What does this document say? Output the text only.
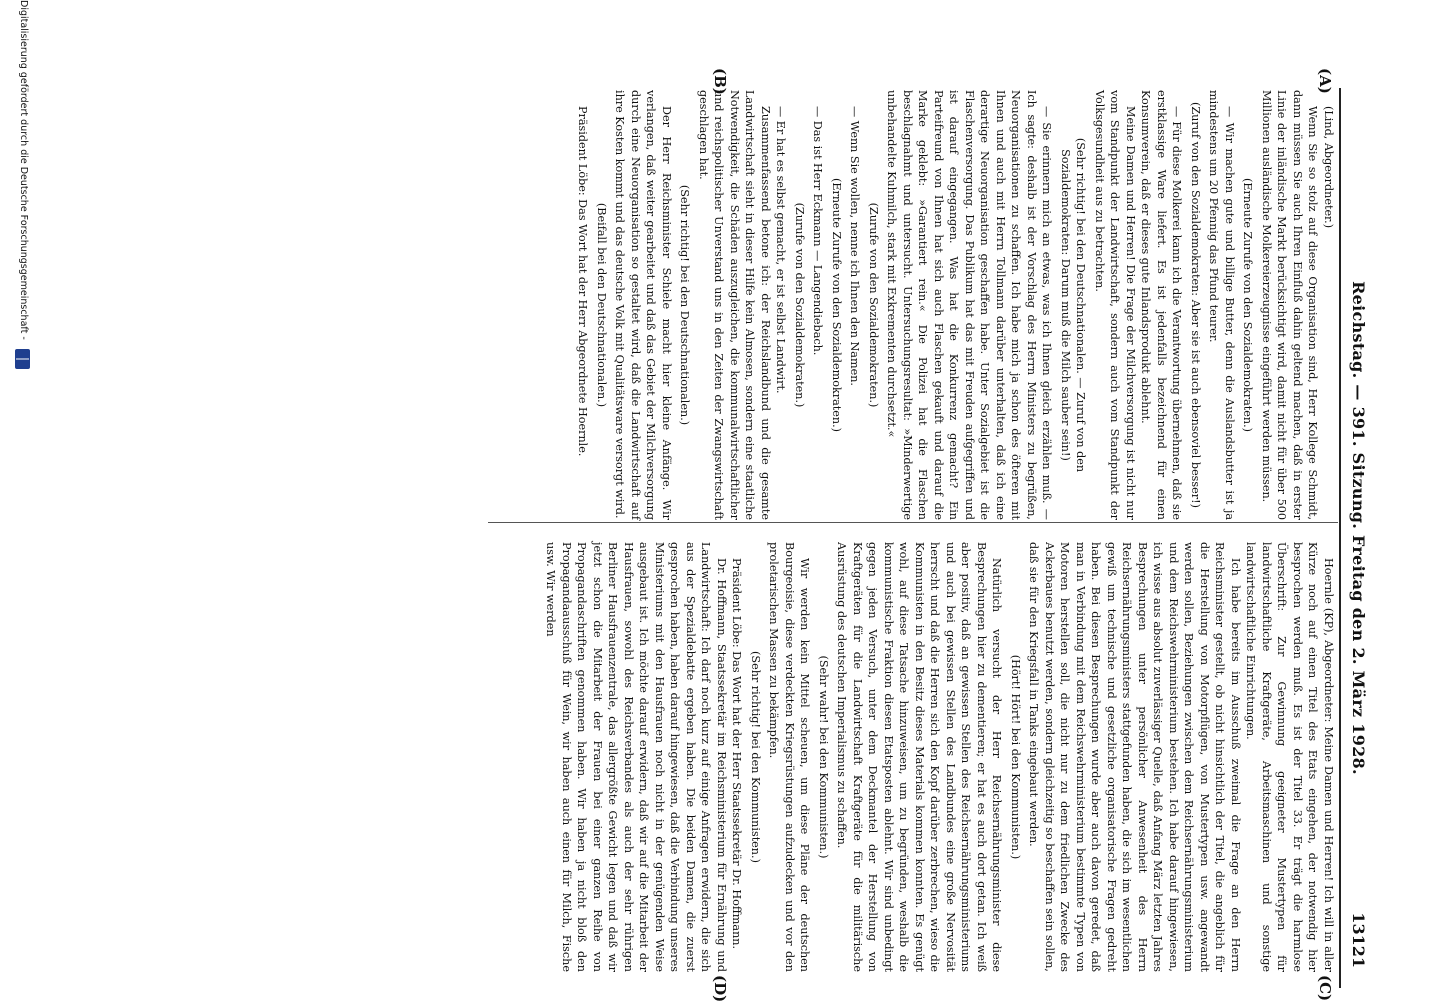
Reichstag. — 391. Sitzung. Freitag den 2. März 1928.
13121
(A)
(B)
(C)
(D)

(Lind, Abgeordneter.)

Wenn Sie so stolz auf diese Organisation sind, Herr Kollege Schmidt, dann müssen Sie auch Ihren Einfluß dahin geltend machen, daß in erster Linie der inländische Markt berücksichtigt wird, damit nicht für über 500 Millionen ausländische Molkereierzeugnisse eingeführt werden müssen.

(Erneute Zurufe von den Sozialdemokraten.)

— Wir machen gute und billige Butter, denn die Auslandsbutter ist ja mindestens um 20 Pfennig das Pfund teurer.

(Zuruf von den Sozialdemokraten: Aber sie ist auch ebensoviel besser!)

— Für diese Molkerei kann ich die Verantwortung übernehmen, daß sie erstklassige Ware liefert. Es ist jedenfalls bezeichnend für einen Konsumverein, daß er dieses gute Inlandsprodukt ablehnt.

Meine Damen und Herren! Die Frage der Milchversorgung ist nicht nur vom Standpunkt der Landwirtschaft, sondern auch vom Standpunkt der Volksgesundheit aus zu betrachten.

(Sehr richtig! bei den Deutschnationalen. — Zuruf von den Sozialdemokraten: Darum muß die Milch sauber sein!)

— Sie erinnern mich an etwas, was ich Ihnen gleich erzählen muß. — Ich sagte: deshalb ist der Vorschlag des Herrn Ministers zu begrüßen, Neuorganisationen zu schaffen. Ich habe mich ja schon des öfteren mit Ihnen und auch mit Herrn Tollmann darüber unterhalten, daß ich eine derartige Neuorganisation geschaffen habe. Unter Sozialgebiet ist die Flaschenversorgung. Das Publikum hat das mit Freuden aufgegriffen und ist darauf eingegangen. Was hat die Konkurrenz gemacht? Ein Parteifreund von Ihnen hat sich auch Flaschen gekauft und darauf die Marke geklebt: »Garantiert rein.« Die Polizei hat die Flaschen beschlagnahmt und untersucht. Untersuchungsresultat: »Minderwertige unbehandelte Kuhmilch, stark mit Exkrementen durchsetzt.«

(Zurufe von den Sozialdemokraten.)

— Wenn Sie wollen, nenne ich Ihnen den Namen.

(Erneute Zurufe von den Sozialdemokraten.)

— Das ist Herr Eckmann — Langendiebach.

(Zurufe von den Sozialdemokraten.)

— Er hat es selbst gemacht, er ist selbst Landwirt.

Zusammenfassend betone ich: der Reichslandbund und die gesamte Landwirtschaft sieht in dieser Hilfe kein Almosen, sondern eine staatliche Notwendigkeit, die Schäden auszugleichen, die kommunalwirtschaftlicher und reichspolitischer Unverstand uns in den Zeiten der Zwangswirtschaft geschlagen hat.

(Sehr richtig! bei den Deutschnationalen.)

Der Herr Reichsminister Schiele macht hier kleine Anfänge. Wir verlangen, daß weiter gearbeitet und daß das Gebiet der Milchversorgung durch eine Neuorganisation so gestaltet wird, daß die Landwirtschaft auf ihre Kosten kommt und das deutsche Volk mit Qualitätsware versorgt wird.

(Beifall bei den Deutschnationalen.)

Präsident Löbe: Das Wort hat der Herr Abgeordnete Hoernle.

Hoernle (KP), Abgeordneter: Meine Damen und Herren! Ich will in aller Kürze noch auf einen Titel des Etats eingehen, der notwendig hier besprochen werden muß. Es ist der Titel 33. Er trägt die harmlose Überschrift: Zur Gewinnung geeigneter Mustertypen für landwirtschaftliche Kraftgeräte, Arbeitsmaschinen und sonstige landwirtschaftliche Einrichtungen.

Ich habe bereits im Ausschuß zweimal die Frage an den Herrn Reichsminister gestellt, ob nicht hinsichtlich der Titel, die angeblich für die Herstellung von Motorpflügen, von Mustertypen usw. angewandt werden sollen, Beziehungen zwischen dem Reichsernährungsministerium und dem Reichswehrministerium bestehen. Ich habe darauf hingewiesen, ich wisse aus absolut zuverlässiger Quelle, daß Anfang März letzten Jahres Besprechungen unter persönlicher Anwesenheit des Herrn Reichsernährungsministers stattgefunden haben, die sich im wesentlichen gewiß um technische und gesetzliche organisatorische Fragen gedreht haben. Bei diesen Besprechungen wurde aber auch davon geredet, daß man in Verbindung mit dem Reichswehrministerium bestimmte Typen von Motoren herstellen soll, die nicht nur zu dem friedlichen Zwecke des Ackerbaues benutzt werden, sondern gleichzeitig so beschaffen sein sollen, daß sie für den Kriegsfall in Tanks eingebaut werden.

(Hört! Hört! bei den Kommunisten.)

Natürlich versucht der Herr Reichsernährungsminister diese Besprechungen hier zu dementieren; er hat es auch dort getan. Ich weiß aber positiv, daß an gewissen Stellen des Reichsernährungsministeriums und auch bei gewissen Stellen des Landbundes eine große Nervosität herrscht und daß die Herren sich den Kopf darüber zerbrechen, wieso die Kommunisten in den Besitz dieses Materials kommen konnten. Es genügt wohl, auf diese Tatsache hinzuweisen, um zu begründen, weshalb die kommunistische Fraktion diesen Etatsposten ablehnt. Wir sind unbedingt gegen jeden Versuch, unter dem Deckmantel der Herstellung von Kraftgeräten für die Landwirtschaft Kraftgeräte für die militärische Ausrüstung des deutschen Imperialismus zu schaffen.

(Sehr wahr! bei den Kommunisten.)

Wir werden kein Mittel scheuen, um diese Pläne der deutschen Bourgeoisie, diese verdeckten Kriegsrüstungen aufzudecken und vor den proletarischen Massen zu bekämpfen.

(Sehr richtig! bei den Kommunisten.)

Präsident Löbe: Das Wort hat der Herr Staatssekretär Dr. Hoffmann.

Dr. Hoffmann, Staatssekretär im Reichsministerium für Ernährung und Landwirtschaft: Ich darf noch kurz auf einige Anfragen erwidern, die sich aus der Spezialdebatte ergeben haben. Die beiden Damen, die zuerst gesprochen haben, haben darauf hingewiesen, daß die Verbindung unseres Ministeriums mit den Hausfrauen noch nicht in der genügenden Weise ausgebaut ist. Ich möchte darauf erwidern, daß wir auf die Mitarbeit der Hausfrauen, sowohl des Reichsverbandes als auch der sehr rührigen Berliner Hausfrauenzentrale, das allergrößte Gewicht legen und daß wir jetzt schon die Mitarbeit der Frauen bei einer ganzen Reihe von Propagandaschriften genommen haben. Wir haben ja nicht bloß den Propagandaausschuß für Wein, wir haben auch einen für Milch, Fische usw. Wir werden

Digitalisierung gefördert durch die Deutsche Forschungsgemeinschaft -
